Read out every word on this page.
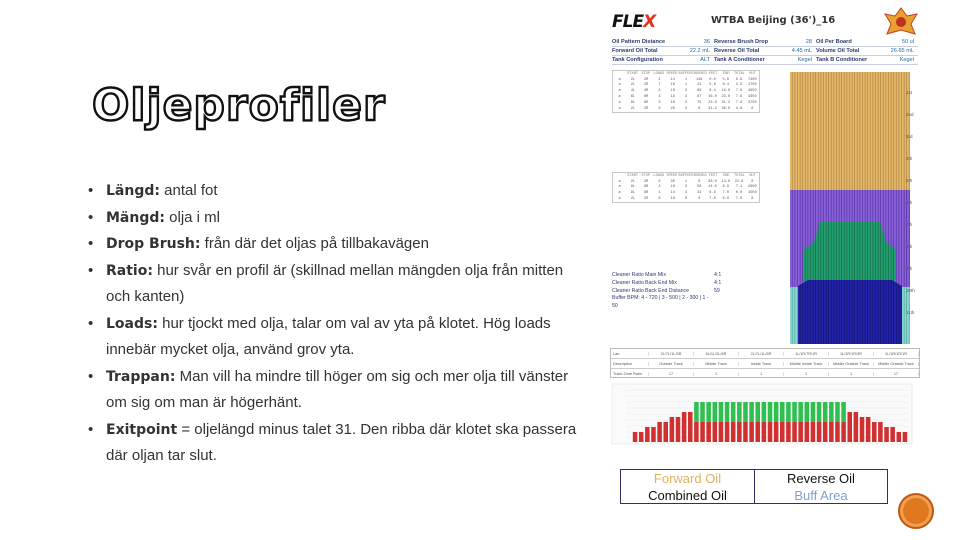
Oljeprofiler
• Längd: antal fot
• Mängd: olja i ml
• Drop Brush: från där det oljas på tillbakavägen
• Ratio: hur svår en profil är (skillnad mellan mängden olja från mitten och kanten)
• Loads: hur tjockt med olja, talar om val av yta på klotet. Hög loads innebär mycket olja, använd grov yta.
• Trappan: Man vill ha mindre till höger om sig och mer olja till vänster om sig om man är högerhänt.
• Exitpoint = oljelängd minus talet 31. Den ribba där klotet ska passera där oljan tar slut.
FLEX	WTBA Beijing (36')_16
Oil Pattern Distance	36 Reverse Brush Drop	28 Oil Per Board	50 ul
Forward Oil Total	22.2 mL Reverse Oil Total	4.45 mL Volume Oil Total	26.65 mL
Tank Configuration	ALT Tank A Conditioner	Kegel Tank B Conditioner	Kegel
START STOP LOADS SPEED BUFFER CROSSED FEET	END	TOTAL	OUT
a	2L	2R	4	14	1	148	0.0	5.9	5.9	7400
a	2L	2R	7	18	1	21	5.9	8.4	2.5	1750
a	4L	4R	3	18	3	89	8.4	16.0	7.6	4950
a	6L	6R	3	18	3	87	16.0	23.6	7.6	4350
a	8L	8R	3	18	3	75	23.6	31.2	7.6	3750
a	2L	2R	0	26	3	0	31.2	36.0	4.8	0
START STOP LOADS SPEED BUFFER CROSSED FEET	END	TOTAL	OUT
a	2L	2R	0	30	1	0	36.0	14.0	22.0	0
a	9L	9R	2	18	3	58	14.0	6.9	7.1	2900
a	9L	9R	1	14	3	31	6.9	7.0	0.0	1550
a	2L	2R	0	18	0	0	7.0	0.0	7.0	0
Cleaner Ratio Main Mix	4:1
Cleaner Ratio Back End Mix	4:1
Cleaner Ratio Back End Distance	59
Buffer BPM: 4 - 720 | 3 - 500 | 2 - 300 | 1 - 50
1st
2nd
3rd
4th
5th
6th
7th
8th
9th
10th
11th
Lan	2L/7L/1L/5R	6L/1L/2L/6R	2L/7L/1L/5R	1L/1R/7R/1R	1L/1R/1R/3R	1L/1R/1R/1R
Description	Outside Track	Middle Track	Inside Track	Middle Inside Track	Middle Outside Track	Middle Outside Track
Track Zone Ratio	17	1	1	1	1	17
Forward Oil
Combined Oil
Reverse Oil
Buff Area
